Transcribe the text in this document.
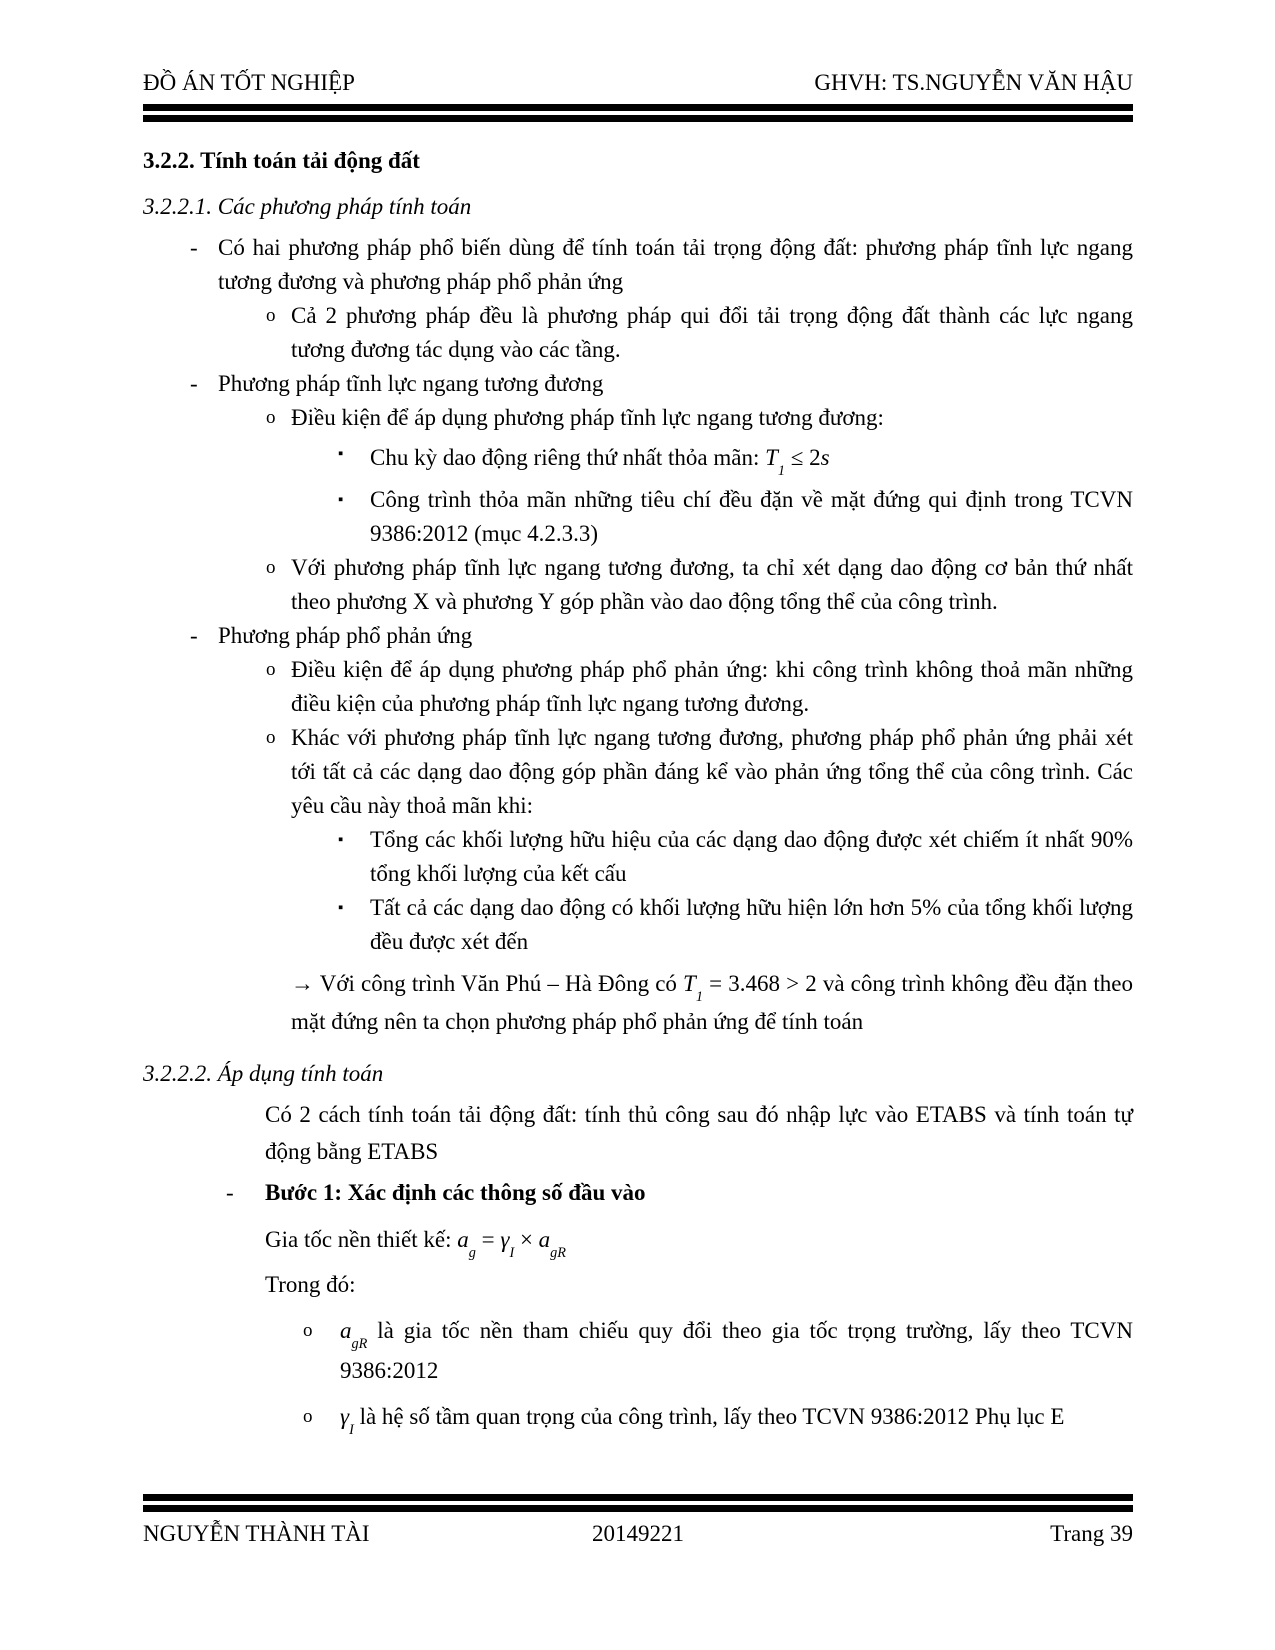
ĐỒ ÁN TỐT NGHIỆP	GHVH: TS.NGUYỄN VĂN HẬU
3.2.2. Tính toán tải động đất
3.2.2.1. Các phương pháp tính toán
- Có hai phương pháp phổ biến dùng để tính toán tải trọng động đất: phương pháp tĩnh lực ngang tương đương và phương pháp phổ phản ứng
o Cả 2 phương pháp đều là phương pháp qui đổi tải trọng động đất thành các lực ngang tương đương tác dụng vào các tầng.
- Phương pháp tĩnh lực ngang tương đương
o Điều kiện để áp dụng phương pháp tĩnh lực ngang tương đương:
▪	Chu kỳ dao động riêng thứ nhất thỏa mãn: $T_1 \le 2s$
▪	Công trình thỏa mãn những tiêu chí đều đặn về mặt đứng qui định trong TCVN 9386:2012 (mục 4.2.3.3)
o Với phương pháp tĩnh lực ngang tương đương, ta chỉ xét dạng dao động cơ bản thứ nhất theo phương X và phương Y góp phần vào dao động tổng thể của công trình.
- Phương pháp phổ phản ứng
o Điều kiện để áp dụng phương pháp phổ phản ứng: khi công trình không thoả mãn những điều kiện của phương pháp tĩnh lực ngang tương đương.
o Khác với phương pháp tĩnh lực ngang tương đương, phương pháp phổ phản ứng phải xét tới tất cả các dạng dao động góp phần đáng kể vào phản ứng tổng thể của công trình. Các yêu cầu này thoả mãn khi:
▪	Tổng các khối lượng hữu hiệu của các dạng dao động được xét chiếm ít nhất 90% tổng khối lượng của kết cấu
▪	Tất cả các dạng dao động có khối lượng hữu hiện lớn hơn 5% của tổng khối lượng đều được xét đến
→ Với công trình Văn Phú – Hà Đông có $T_1 = 3.468 > 2$ và công trình không đều đặn theo mặt đứng nên ta chọn phương pháp phổ phản ứng để tính toán
3.2.2.2. Áp dụng tính toán
Có 2 cách tính toán tải động đất: tính thủ công sau đó nhập lực vào ETABS và tính toán tự động bằng ETABS
-	Bước 1: Xác định các thông số đầu vào
Gia tốc nền thiết kế: $a_g = \gamma_I \times a_{gR}$
Trong đó:
o	$a_{gR}$ là gia tốc nền tham chiếu quy đổi theo gia tốc trọng trường, lấy theo TCVN 9386:2012
o	$\gamma_I$ là hệ số tầm quan trọng của công trình, lấy theo TCVN 9386:2012 Phụ lục E
NGUYỄN THÀNH TÀI	20149221	Trang 39
